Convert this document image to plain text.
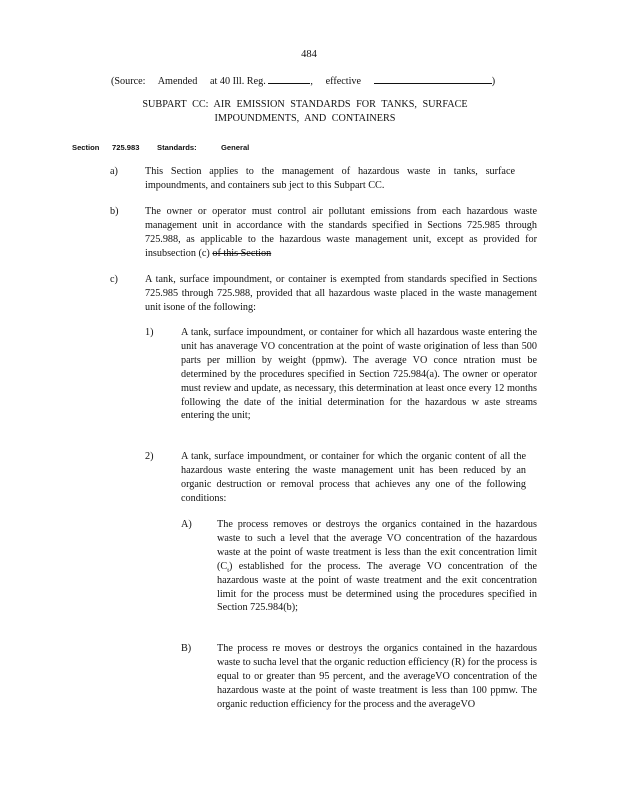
484
(Source: Amended at 40 Ill. Reg.	, effective	)
SUBPART CC: AIR EMISSION STANDARDS FOR TANKS, SURFACE
IMPOUNDMENTS, AND CONTAINERS
Section 725.983 Standards:	General
a)	This Section applies to the management of hazardous waste in tanks, surface impoundments, and containers sub ject to this Subpart CC.
b)	The owner or operator must control air pollutant emissions from each hazardous waste management unit in accordance with the standards specified in Sections 725.985 through 725.988, as applicable to the hazardous waste management unit, except as provided for insubsection (c) of this Section
c)	A tank, surface impoundment, or container is exempted from standards specified in Sections 725.985 through 725.988, provided that all hazardous waste placed in the waste management unit isone of the following:
1)	A tank, surface impoundment, or container for which all hazardous waste entering the unit has anaverage VO concentration at the point of waste origination of less than 500 parts per million by weight (ppmw). The average VO conce ntration must be determined by the procedures specified in Section 725.984(a). The owner or operator must review and update, as necessary, this determination at least once every 12 months following the date of the initial determination for the hazardous w aste streams entering the unit;
2)	A tank, surface impoundment, or container for which the organic content of all the hazardous waste entering the waste management unit has been reduced by an organic destruction or removal process that achieves any one of the following conditions:
A) The process removes or destroys the organics contained in the hazardous waste to such a level that the average VO concentration of the hazardous waste at the point of waste treatment is less than the exit concentration limit $(C_t)$ established for the process. The average VO concentration of the hazardous waste at the point of waste treatment and the exit concentration limit for the process must be determined using the procedures specified in Section 725.984(b);
B)	The process re moves or destroys the organics contained in the hazardous waste to sucha level that the organic reduction efficiency (R) for the process is equal to or greater than 95 percent, and the averageVO concentration of the hazardous waste at the point of waste treatment is less than 100 ppmw. The organic reduction efficiency for the process and the averageVO
